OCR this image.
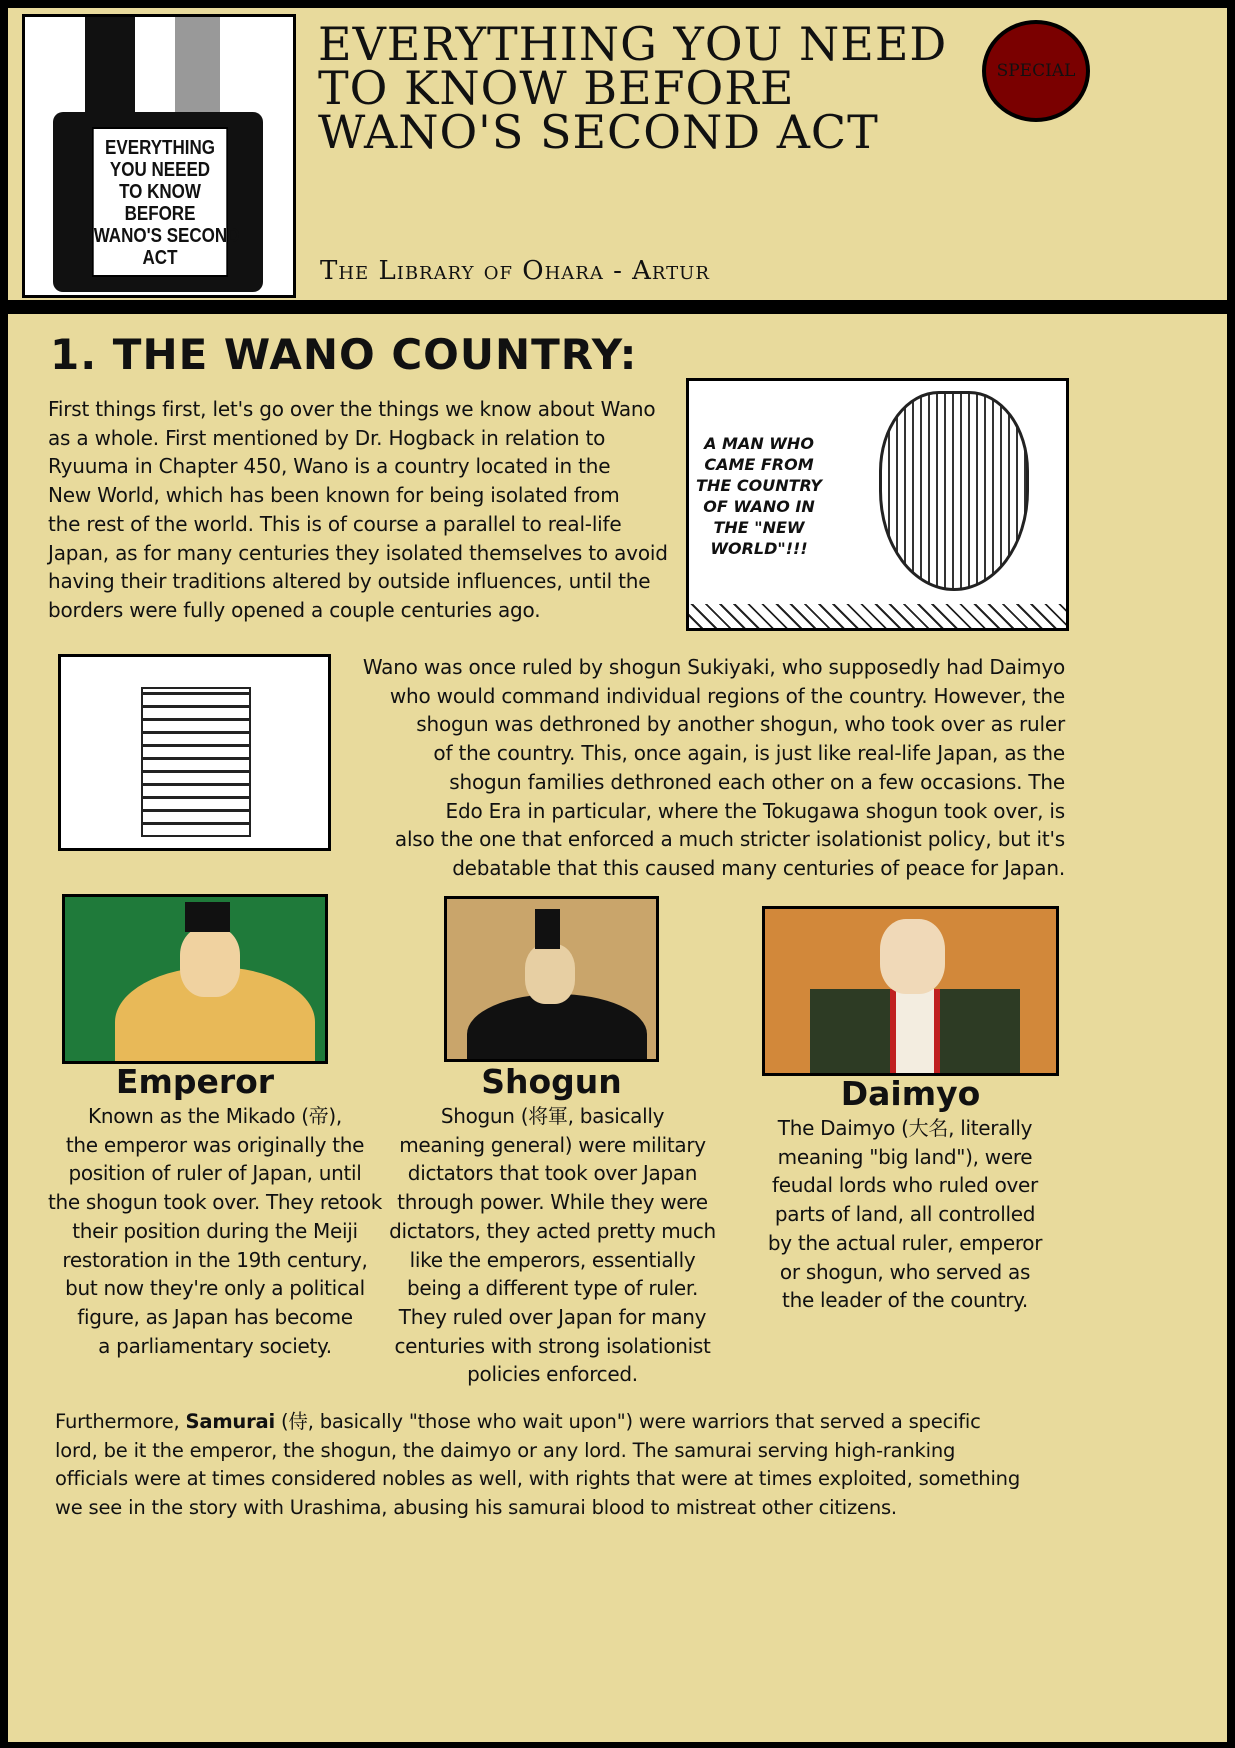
EVERYTHING
YOU NEEED
TO KNOW
BEFORE
WANO'S SECOND
ACT
EVERYTHING YOU NEED
TO KNOW BEFORE
WANO'S SECOND ACT
The Library of Ohara - Artur
SPECIAL
1. THE WANO COUNTRY:
First things first, let's go over the things we know about Wano
as a whole. First mentioned by Dr. Hogback in relation to
Ryuuma in Chapter 450, Wano is a country located in the
New World, which has been known for being isolated from
the rest of the world. This is of course a parallel to real-life
Japan, as for many centuries they isolated themselves to avoid
having their traditions altered by outside influences, until the
borders were fully opened a couple centuries ago.
A MAN WHO
CAME FROM
THE COUNTRY
OF WANO IN
THE "NEW
WORLD"!!!
Wano was once ruled by shogun Sukiyaki, who supposedly had Daimyo
who would command individual regions of the country. However, the
shogun was dethroned by another shogun, who took over as ruler
of the country. This, once again, is just like real-life Japan, as the
shogun families dethroned each other on a few occasions. The
Edo Era in particular, where the Tokugawa shogun took over, is
also the one that enforced a much stricter isolationist policy, but it's
debatable that this caused many centuries of peace for Japan.
Emperor	Shogun	Daimyo
Known as the Mikado (帝),
the emperor was originally the
position of ruler of Japan, until
the shogun took over. They retook
their position during the Meiji
restoration in the 19th century,
but now they're only a political
figure, as Japan has become
a parliamentary society.
Shogun (将軍, basically
meaning general) were military
dictators that took over Japan
through power. While they were
dictators, they acted pretty much
like the emperors, essentially
being a different type of ruler.
They ruled over Japan for many
centuries with strong isolationist
policies enforced.
The Daimyo (大名, literally
meaning "big land"), were
feudal lords who ruled over
parts of land, all controlled
by the actual ruler, emperor
or shogun, who served as
the leader of the country.
Furthermore, Samurai (侍, basically "those who wait upon") were warriors that served a specific
lord, be it the emperor, the shogun, the daimyo or any lord. The samurai serving high-ranking
officials were at times considered nobles as well, with rights that were at times exploited, something
we see in the story with Urashima, abusing his samurai blood to mistreat other citizens.
